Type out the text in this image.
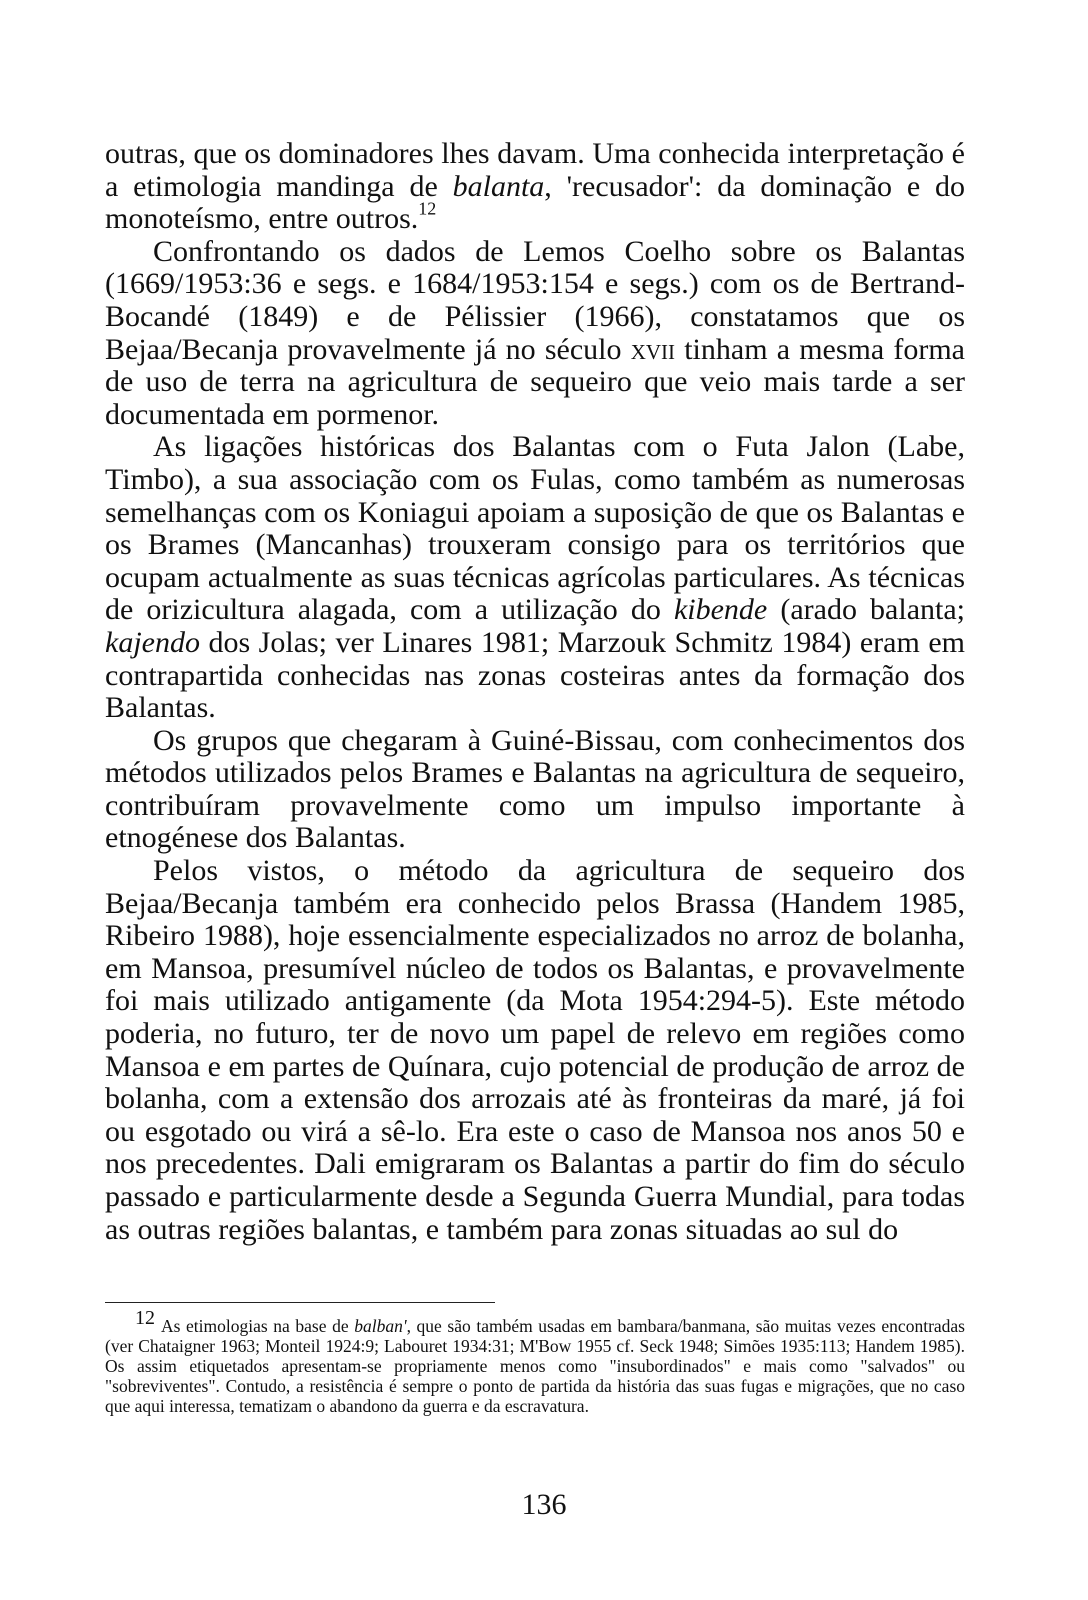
outras, que os dominadores lhes davam. Uma conhecida interpretação é a etimologia mandinga de balanta, 'recusador': da dominação e do monoteísmo, entre outros.$^{12}$

Confrontando os dados de Lemos Coelho sobre os Balantas (1669/1953:36 e segs. e 1684/1953:154 e segs.) com os de Bertrand-Bocandé (1849) e de Pélissier (1966), constatamos que os Bejaa/Becanja provavelmente já no século xvii tinham a mesma forma de uso de terra na agricultura de sequeiro que veio mais tarde a ser documentada em pormenor.

As ligações históricas dos Balantas com o Futa Jalon (Labe, Timbo), a sua associação com os Fulas, como também as numerosas semelhanças com os Koniagui apoiam a suposição de que os Balantas e os Brames (Mancanhas) trouxeram consigo para os territórios que ocupam actualmente as suas técnicas agrícolas particulares. As técnicas de orizicultura alagada, com a utilização do kibende (arado balanta; kajendo dos Jolas; ver Linares 1981; Marzouk Schmitz 1984) eram em contrapartida conhecidas nas zonas costeiras antes da formação dos Balantas.

Os grupos que chegaram à Guiné-Bissau, com conhecimentos dos métodos utilizados pelos Brames e Balantas na agricultura de sequeiro, contribuíram provavelmente como um impulso importante à etnogénese dos Balantas.

Pelos vistos, o método da agricultura de sequeiro dos Bejaa/Becanja também era conhecido pelos Brassa (Handem 1985, Ribeiro 1988), hoje essencialmente especializados no arroz de bolanha, em Mansoa, presumível núcleo de todos os Balantas, e provavelmente foi mais utilizado antigamente (da Mota 1954:294-5). Este método poderia, no futuro, ter de novo um papel de relevo em regiões como Mansoa e em partes de Quínara, cujo potencial de produção de arroz de bolanha, com a extensão dos arrozais até às fronteiras da maré, já foi ou esgotado ou virá a sê-lo. Era este o caso de Mansoa nos anos 50 e nos precedentes. Dali emigraram os Balantas a partir do fim do século passado e particularmente desde a Segunda Guerra Mundial, para todas as outras regiões balantas, e também para zonas situadas ao sul do

12 As etimologias na base de balban', que são também usadas em bambara/banmana, são muitas vezes encontradas (ver Chataigner 1963; Monteil 1924:9; Labouret 1934:31; M'Bow 1955 cf. Seck 1948; Simões 1935:113; Handem 1985). Os assim etiquetados apresentam-se propriamente menos como "insubordinados" e mais como "salvados" ou "sobreviventes". Contudo, a resistência é sempre o ponto de partida da história das suas fugas e migrações, que no caso que aqui interessa, tematizam o abandono da guerra e da escravatura.
136
